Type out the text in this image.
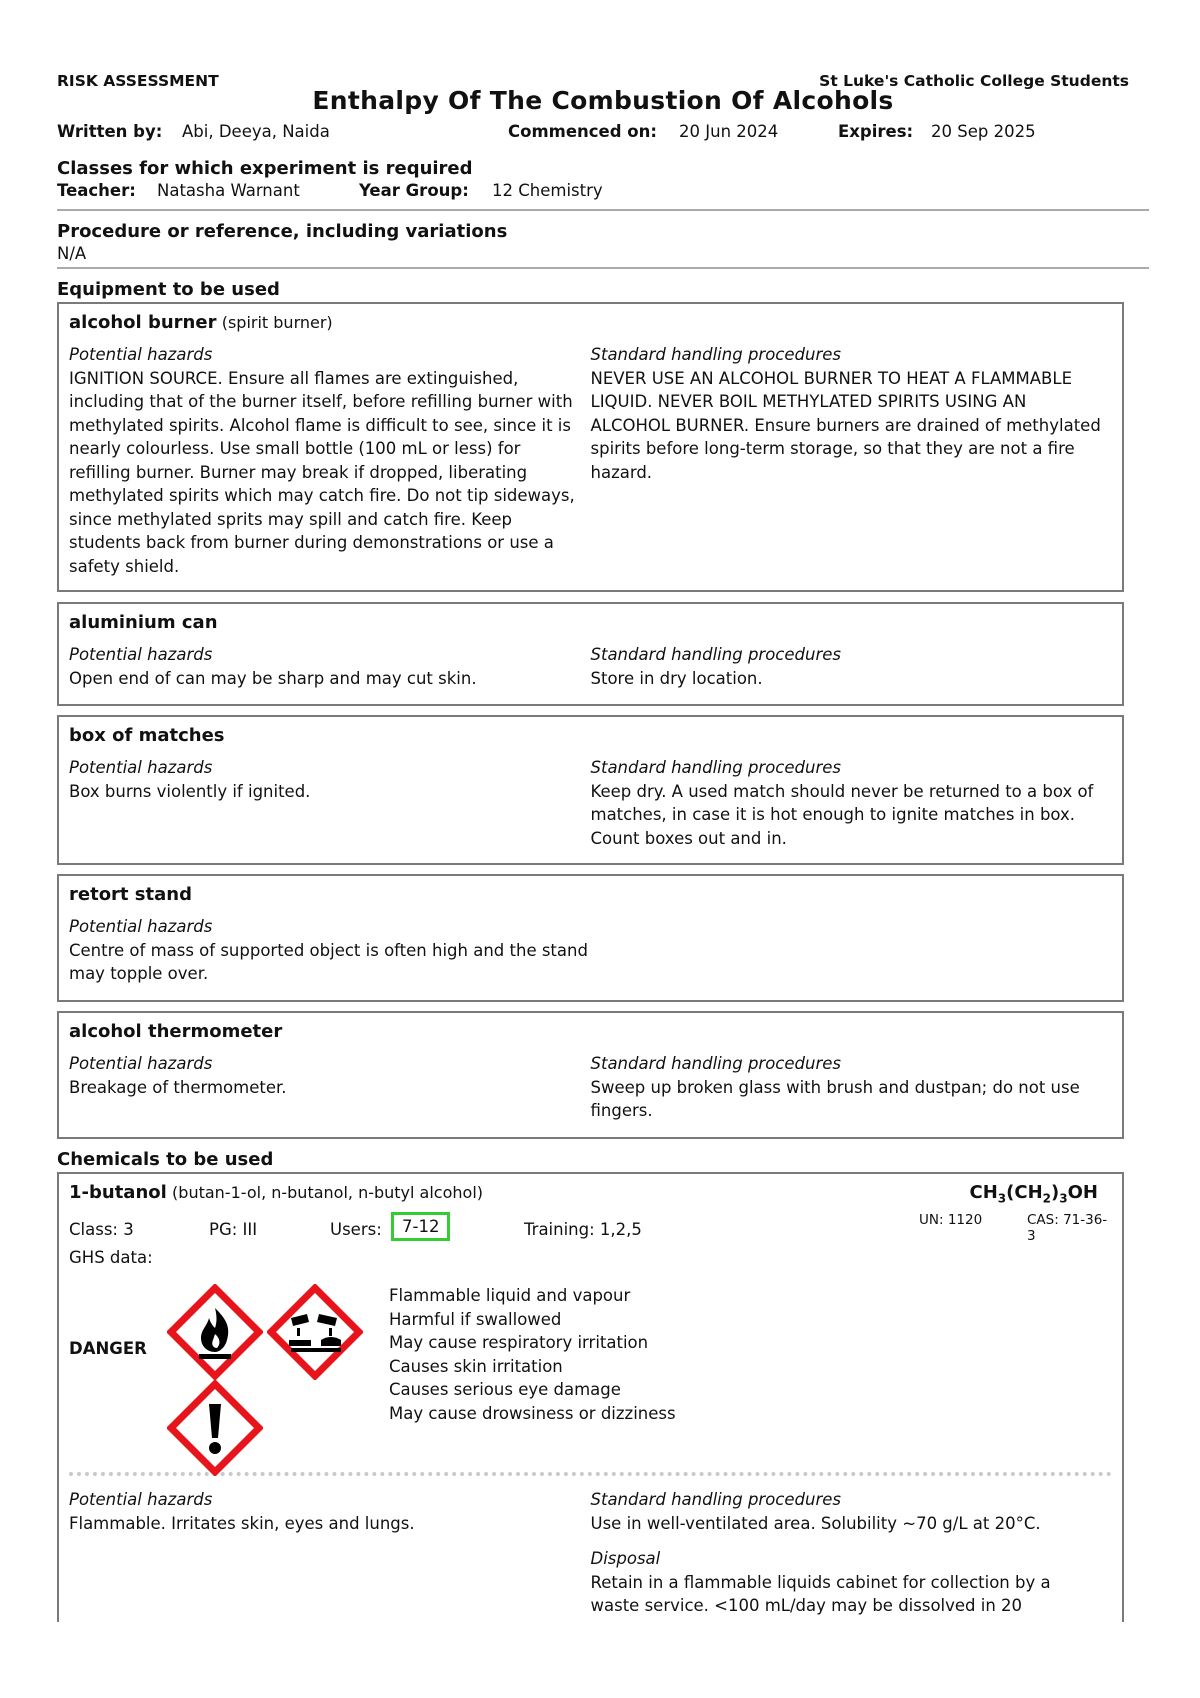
RISK ASSESSMENT	St Luke's Catholic College Students
Enthalpy Of The Combustion Of Alcohols
Written by: Abi, Deeya, Naida	Commenced on: 20 Jun 2024	Expires: 20 Sep 2025
Classes for which experiment is required
Teacher: Natasha Warnant	Year Group: 12 Chemistry
Procedure or reference, including variations
N/A
Equipment to be used
alcohol burner (spirit burner)
Potential hazards
IGNITION SOURCE. Ensure all flames are extinguished, including that of the burner itself, before refilling burner with methylated spirits. Alcohol flame is difficult to see, since it is nearly colourless. Use small bottle (100 mL or less) for refilling burner. Burner may break if dropped, liberating methylated spirits which may catch fire. Do not tip sideways, since methylated sprits may spill and catch fire. Keep students back from burner during demonstrations or use a safety shield.
Standard handling procedures
NEVER USE AN ALCOHOL BURNER TO HEAT A FLAMMABLE LIQUID. NEVER BOIL METHYLATED SPIRITS USING AN ALCOHOL BURNER. Ensure burners are drained of methylated spirits before long-term storage, so that they are not a fire hazard.
aluminium can
Potential hazards
Open end of can may be sharp and may cut skin.
Standard handling procedures
Store in dry location.
box of matches
Potential hazards
Box burns violently if ignited.
Standard handling procedures
Keep dry. A used match should never be returned to a box of matches, in case it is hot enough to ignite matches in box. Count boxes out and in.
retort stand
Potential hazards
Centre of mass of supported object is often high and the stand may topple over.
alcohol thermometer
Potential hazards
Breakage of thermometer.
Standard handling procedures
Sweep up broken glass with brush and dustpan; do not use fingers.
Chemicals to be used
1-butanol (butan-1-ol, n-butanol, n-butyl alcohol)	$CH_3(CH_2)_3OH$
Class: 3	PG: III	Users:	7-12	Training: 1,2,5	UN: 1120	CAS: 71-36-3
GHS data:
DANGER
Flammable liquid and vapour
Harmful if swallowed
May cause respiratory irritation
Causes skin irritation
Causes serious eye damage
May cause drowsiness or dizziness
Potential hazards
Flammable. Irritates skin, eyes and lungs.
Standard handling procedures
Use in well-ventilated area. Solubility ~70 g/L at 20°C.
Disposal
Retain in a flammable liquids cabinet for collection by a waste service. <100 mL/day may be dissolved in 20
